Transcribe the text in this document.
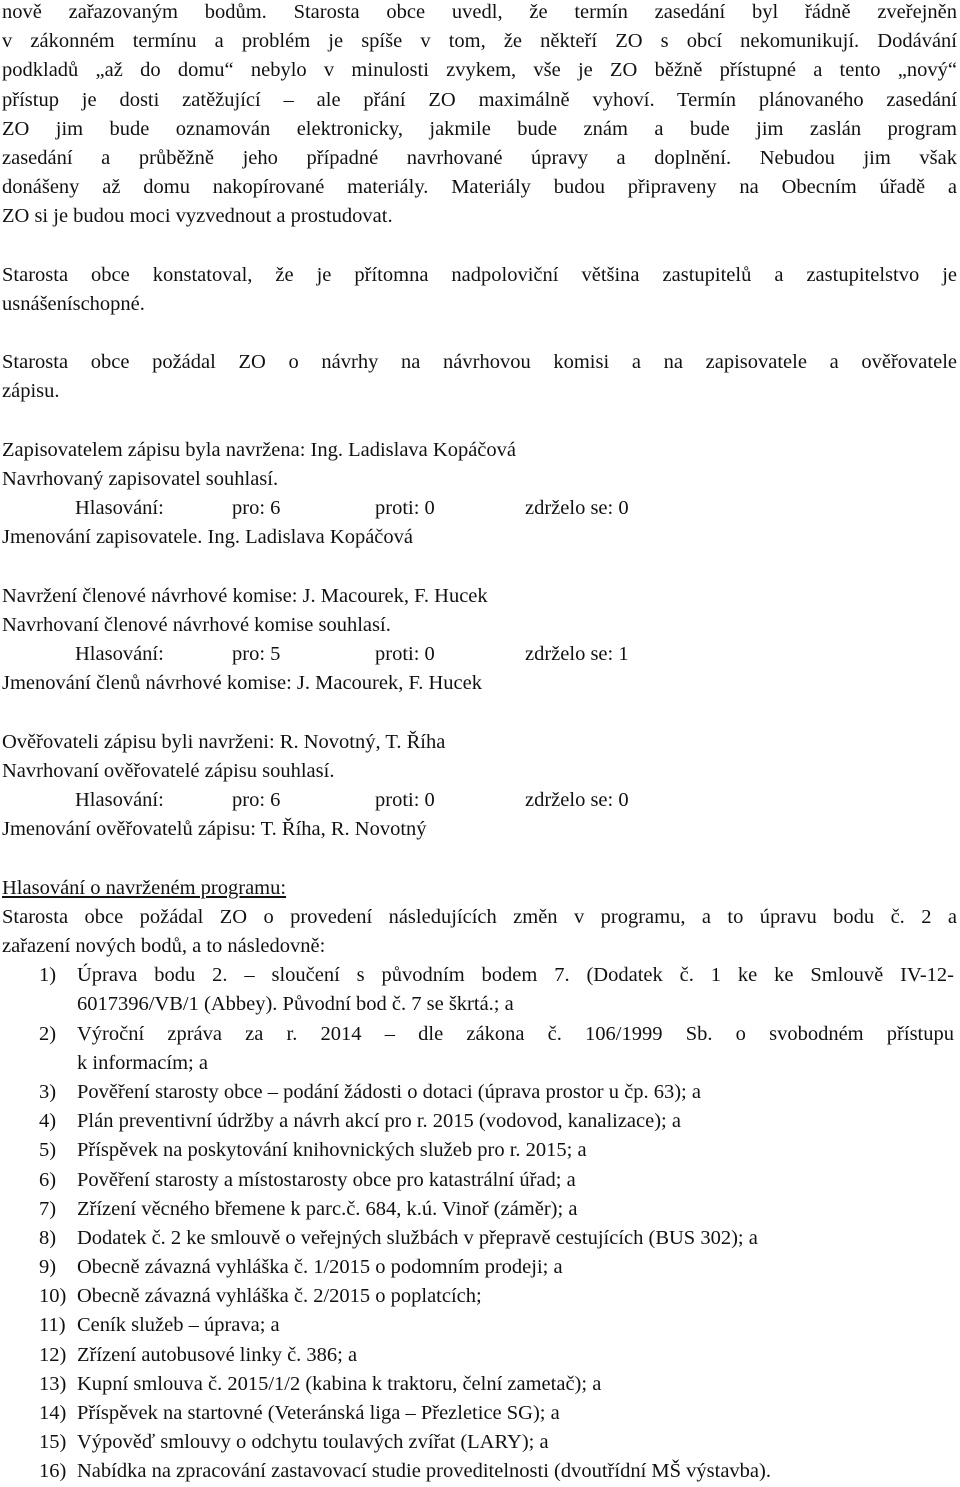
nově zařazovaným bodům. Starosta obce uvedl, že termín zasedání byl řádně zveřejněn
v zákonném termínu a problém je spíše v tom, že někteří ZO s obcí nekomunikují. Dodávání
podkladů „až do domu“ nebylo v minulosti zvykem, vše je ZO běžně přístupné a tento „nový“
přístup je dosti zatěžující – ale přání ZO maximálně vyhoví. Termín plánovaného zasedání
ZO jim bude oznamován elektronicky, jakmile bude znám a bude jim zaslán program
zasedání a průběžně jeho případné navrhované úpravy a doplnění. Nebudou jim však
donášeny až domu nakopírované materiály. Materiály budou připraveny na Obecním úřadě a
ZO si je budou moci vyzvednout a prostudovat.
Starosta obce konstatoval, že je přítomna nadpoloviční většina zastupitelů a zastupitelstvo je
usnášeníschopné.
Starosta obce požádal ZO o návrhy na návrhovou komisi a na zapisovatele a ověřovatele
zápisu.
Zapisovatelem zápisu byla navržena: Ing. Ladislava Kopáčová
Navrhovaný zapisovatel souhlasí.
Hlasování:	pro: 6	proti: 0	zdrželo se: 0
Jmenování zapisovatele. Ing. Ladislava Kopáčová
Navržení členové návrhové komise: J. Macourek, F. Hucek
Navrhovaní členové návrhové komise souhlasí.
Hlasování:	pro: 5	proti: 0	zdrželo se: 1
Jmenování členů návrhové komise: J. Macourek, F. Hucek
Ověřovateli zápisu byli navrženi: R. Novotný, T. Říha
Navrhovaní ověřovatelé zápisu souhlasí.
Hlasování:	pro: 6	proti: 0	zdrželo se: 0
Jmenování ověřovatelů zápisu: T. Říha, R. Novotný
Hlasování o navrženém programu:
Starosta obce požádal ZO o provedení následujících změn v programu, a to úpravu bodu č. 2 a
zařazení nových bodů, a to následovně:
1) Úprava bodu 2. – sloučení s původním bodem 7. (Dodatek č. 1 ke ke Smlouvě IV-12-
6017396/VB/1 (Abbey). Původní bod č. 7 se škrtá.; a
2) Výroční zpráva za r. 2014 – dle zákona č. 106/1999 Sb. o svobodném přístupu
k informacím; a
3) Pověření starosty obce – podání žádosti o dotaci (úprava prostor u čp. 63); a
4) Plán preventivní údržby a návrh akcí pro r. 2015 (vodovod, kanalizace); a
5) Příspěvek na poskytování knihovnických služeb pro r. 2015; a
6) Pověření starosty a místostarosty obce pro katastrální úřad; a
7) Zřízení věcného břemene k parc.č. 684, k.ú. Vinoř (záměr); a
8) Dodatek č. 2 ke smlouvě o veřejných službách v přepravě cestujících (BUS 302); a
9) Obecně závazná vyhláška č. 1/2015 o podomním prodeji; a
10) Obecně závazná vyhláška č. 2/2015 o poplatcích;
11) Ceník služeb – úprava; a
12) Zřízení autobusové linky č. 386; a
13) Kupní smlouva č. 2015/1/2 (kabina k traktoru, čelní zametač); a
14) Příspěvek na startovné (Veteránská liga – Přezletice SG); a
15) Výpověď smlouvy o odchytu toulavých zvířat (LARY); a
16) Nabídka na zpracování zastavovací studie proveditelnosti (dvoutřídní MŠ výstavba).
